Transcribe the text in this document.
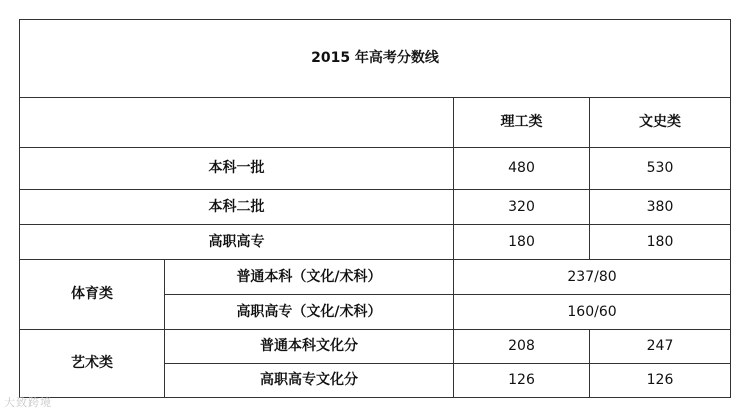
2015 年高考分数线			
		理工类	文史类
本科一批		480	530
本科二批		320	380
高职高专		180	180
体育类	普通本科（文化/术科）	237/80	
	高职高专（文化/术科）	160/60	
艺术类	普通本科文化分	208	247
	高职高专文化分	126	126
大致跨境
